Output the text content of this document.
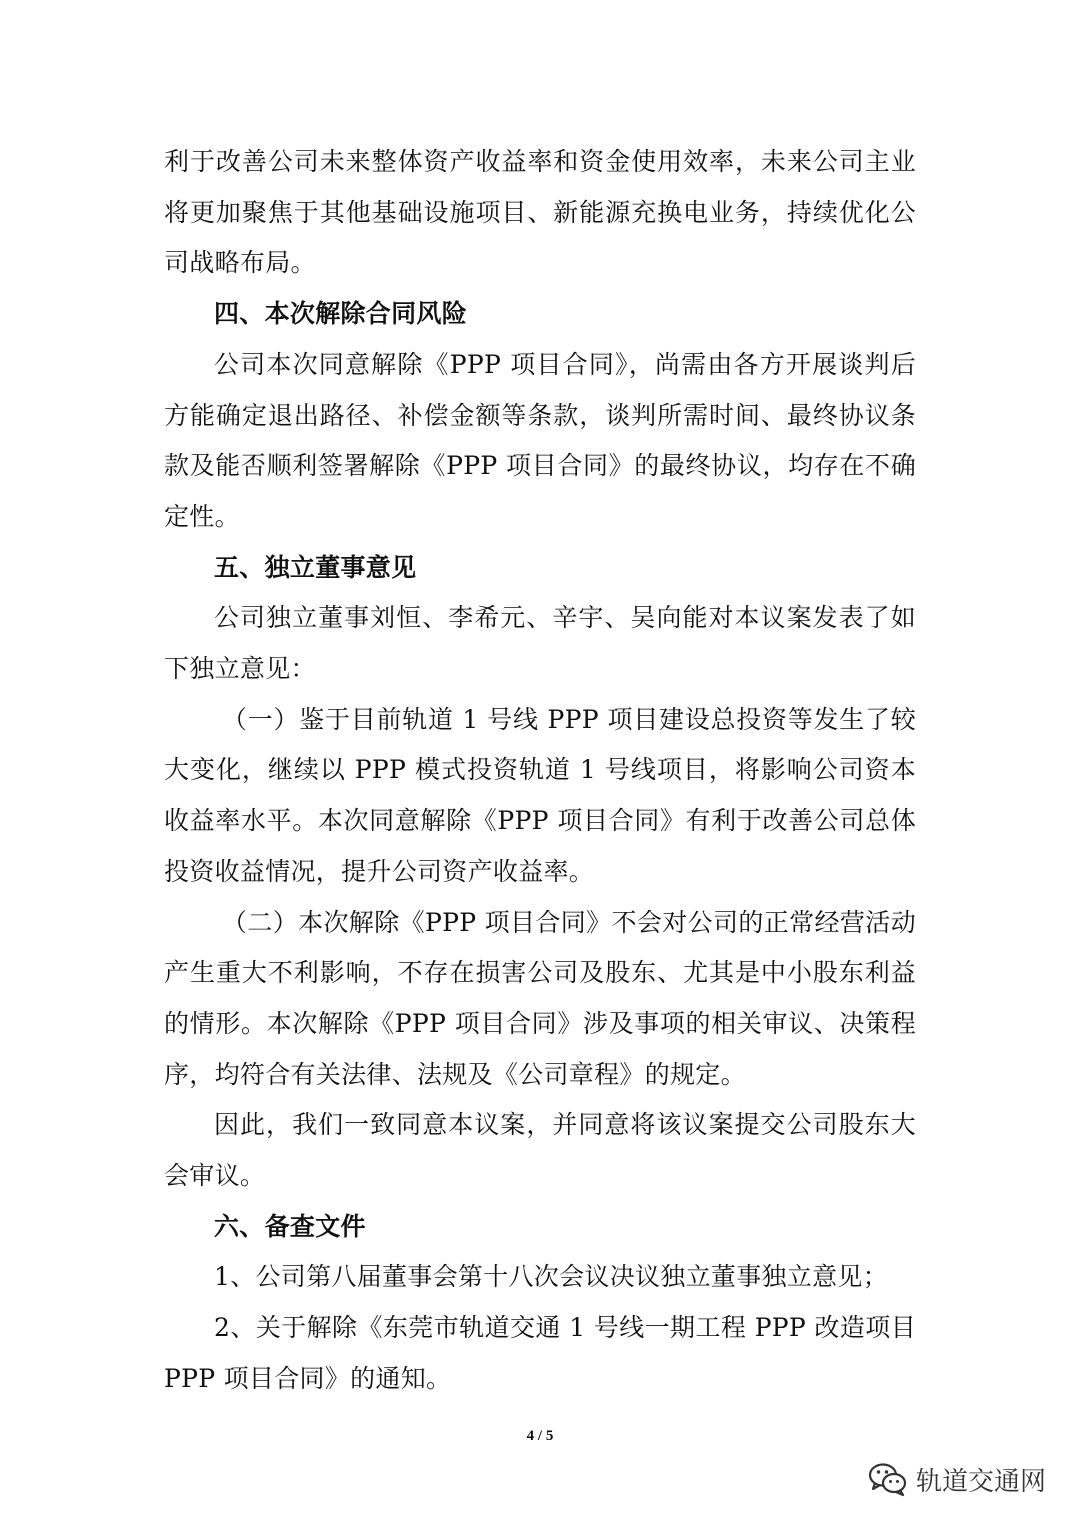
利于改善公司未来整体资产收益率和资金使用效率，未来公司主业将更加聚焦于其他基础设施项目、新能源充换电业务，持续优化公司战略布局。

四、本次解除合同风险

公司本次同意解除《PPP 项目合同》，尚需由各方开展谈判后方能确定退出路径、补偿金额等条款，谈判所需时间、最终协议条款及能否顺利签署解除《PPP 项目合同》的最终协议，均存在不确定性。

五、独立董事意见

公司独立董事刘恒、李希元、辛宇、吴向能对本议案发表了如下独立意见：

（一）鉴于目前轨道 1 号线 PPP 项目建设总投资等发生了较大变化，继续以 PPP 模式投资轨道 1 号线项目，将影响公司资本收益率水平。本次同意解除《PPP 项目合同》有利于改善公司总体投资收益情况，提升公司资产收益率。

（二）本次解除《PPP 项目合同》不会对公司的正常经营活动产生重大不利影响，不存在损害公司及股东、尤其是中小股东利益的情形。本次解除《PPP 项目合同》涉及事项的相关审议、决策程序，均符合有关法律、法规及《公司章程》的规定。

因此，我们一致同意本议案，并同意将该议案提交公司股东大会审议。

六、备查文件

1、公司第八届董事会第十八次会议决议独立董事独立意见；

2、关于解除《东莞市轨道交通 1 号线一期工程 PPP 改造项目 PPP 项目合同》的通知。

4 / 5
轨道交通网
